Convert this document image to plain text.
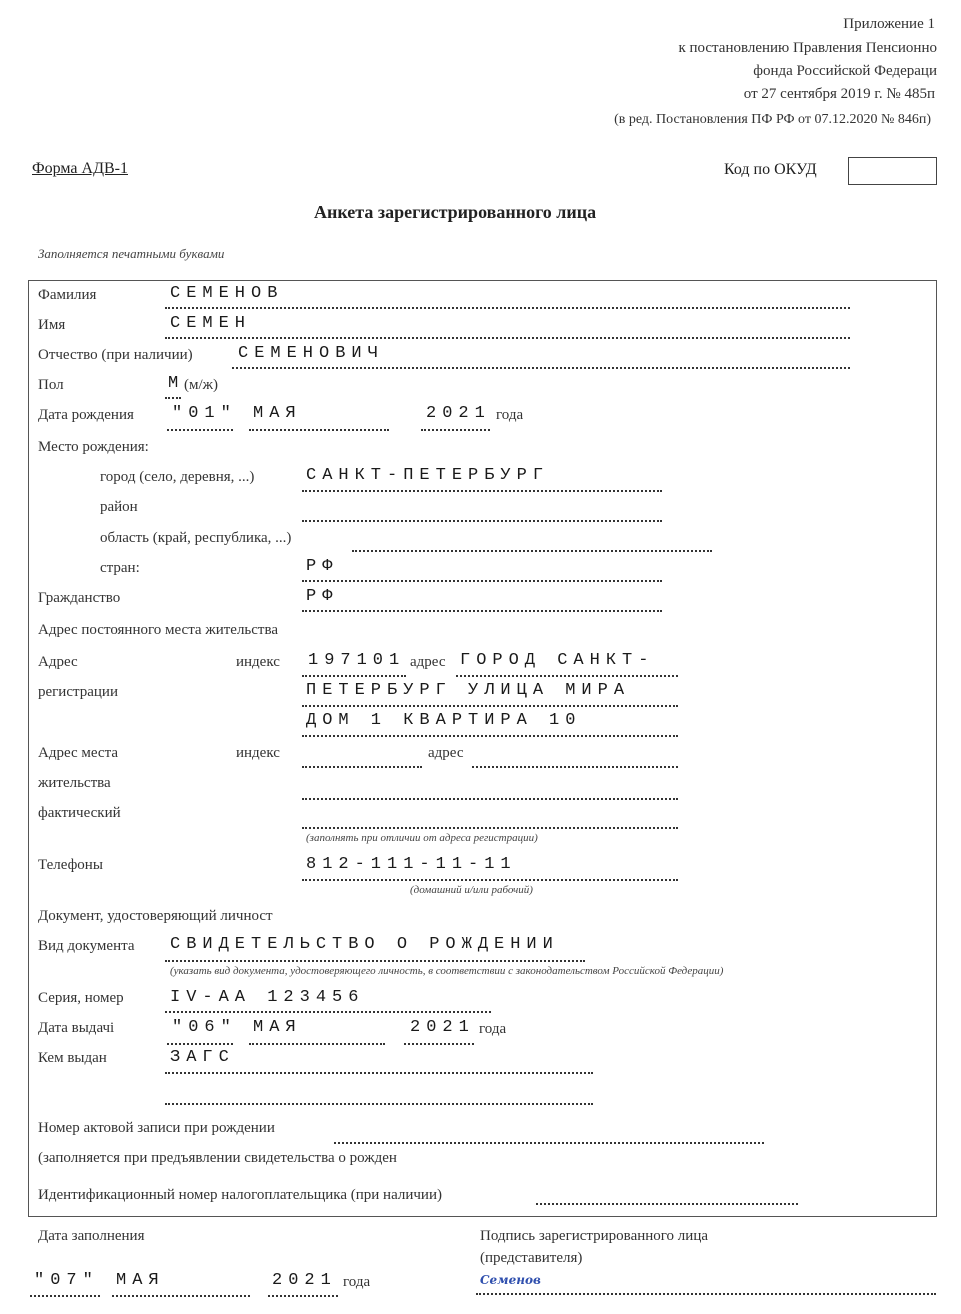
Приложение 1
к постановлению Правления Пенсионно
фонда Российской Федераци
от 27 сентября 2019 г. № 485п
(в ред. Постановления ПФ РФ от 07.12.2020 № 846п)
Форма АДВ-1	Код по ОКУД
Анкета зарегистрированного лица
Заполняется печатными буквами
Фамилия	СЕМЕНОВ
Имя	СЕМЕН
Отчество (при наличии)	СЕМЕНОВИЧ
Пол	М (м/ж)
Дата рождения "01" МАЯ	2021 года
Место рождения:
город (село, деревня, ...)	САНКТ-ПЕТЕРБУРГ
район
область (край, республика, ...)
стран:	РФ
Гражданство	РФ
Адрес постоянного места жительства
Адрес
регистрации
индекс 197101 адрес ГОРОД САНКТ-
ПЕТЕРБУРГ УЛИЦА МИРА
ДОМ 1 КВАРТИРА 10
Адрес места
жительства
фактический
индекс	адрес
(заполнять при отличии от адреса регистрации)
Телефоны	812-111-11-11
(домашний и/или рабочий)
Документ, удостоверяющий личност
Вид документа СВИДЕТЕЛЬСТВО О РОЖДЕНИИ
(указать вид документа, удостоверяющего личность, в соответствии с законодательством Российской Федерации)
Серия, номер	IV-АА 123456
Дата выдачі	"06" МАЯ	2021 года
Кем выдан	ЗАГС
Номер актовой записи при рождении
(заполняется при предъявлении свидетельства о рожден
Идентификационный номер налогоплательщика (при наличии)
Дата заполнения
"07" МАЯ	2021 года
Подпись зарегистрированного лица
(представителя)
Семенов
